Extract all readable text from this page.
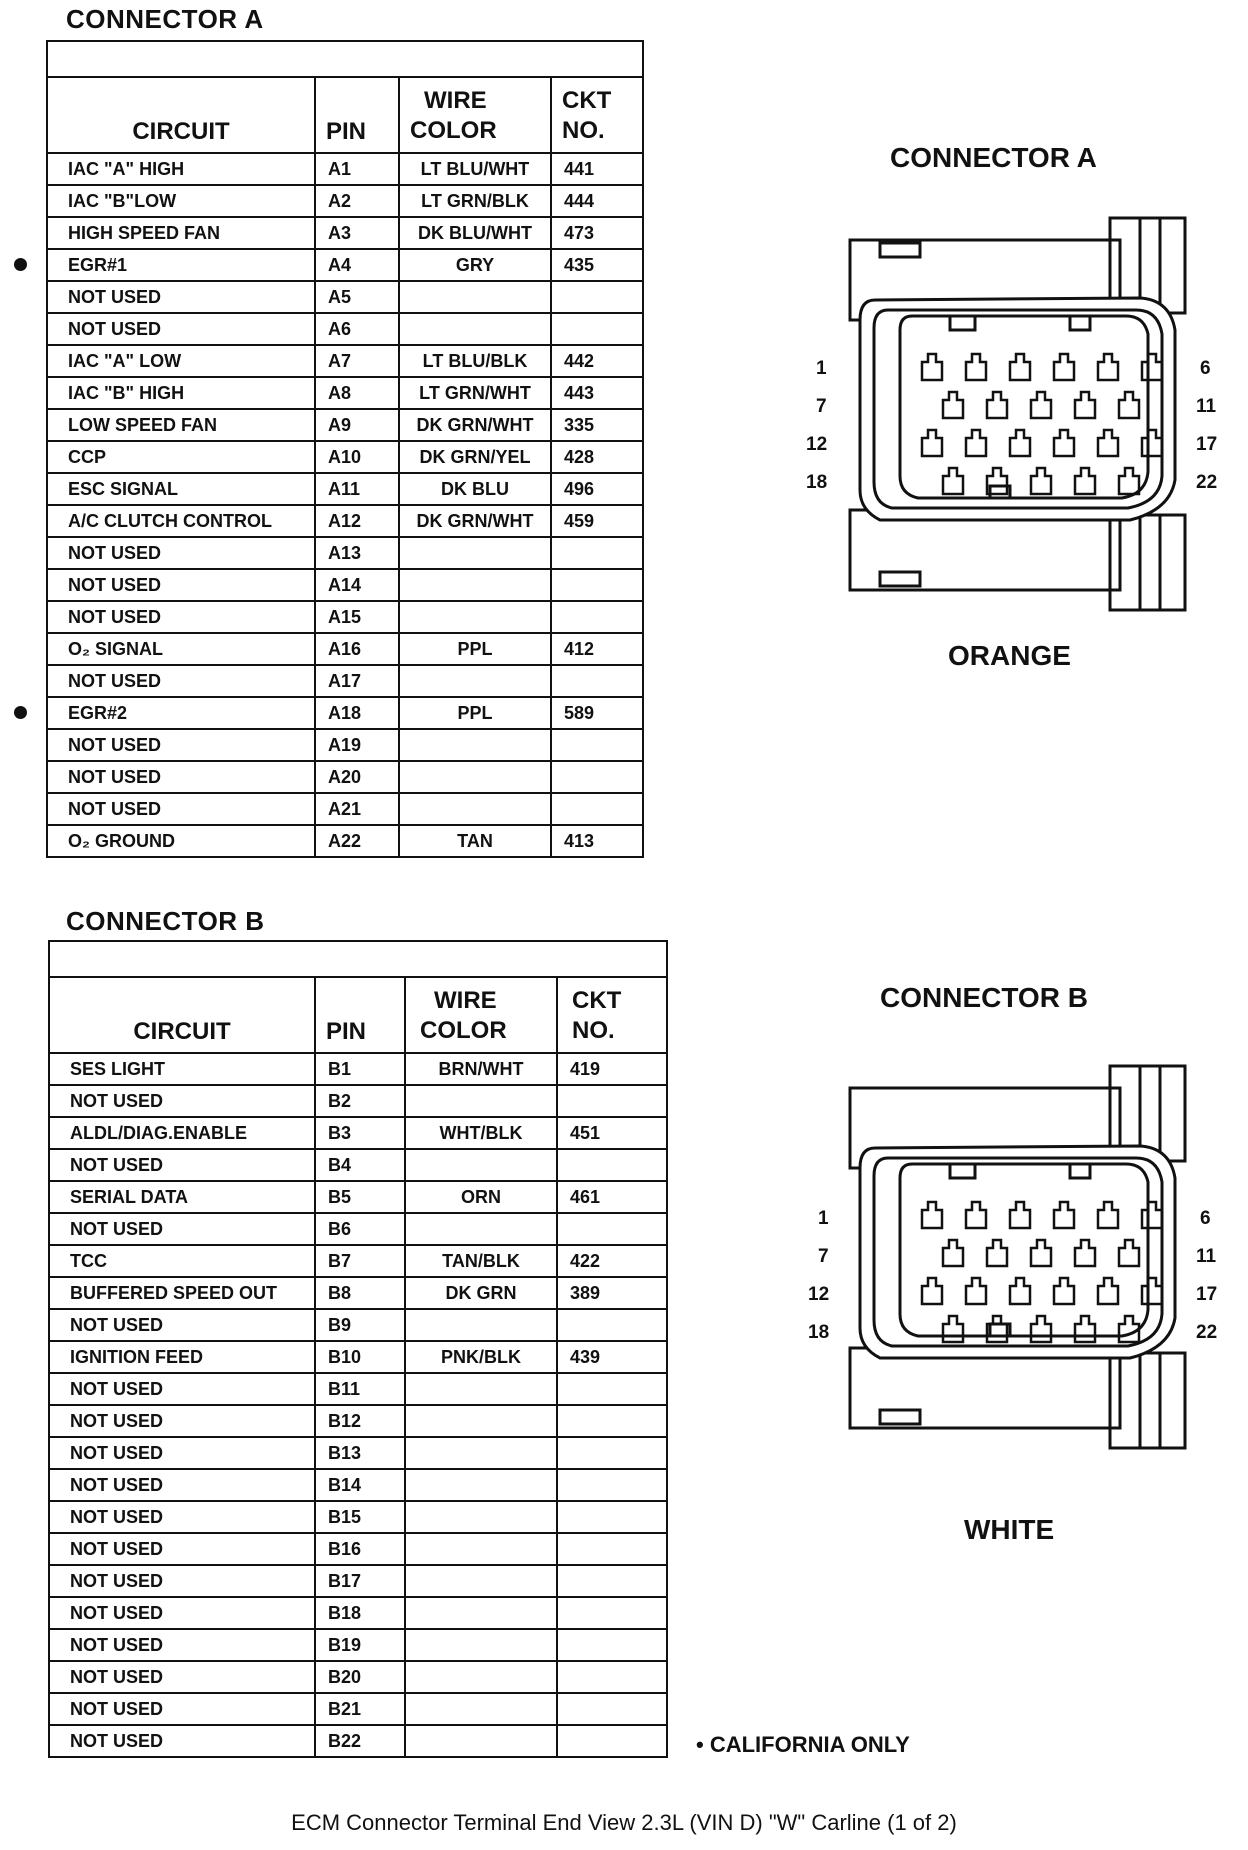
CONNECTOR A

CIRCUIT	PIN	WIRE
COLOR	CKT
NO.
IAC "A" HIGH	A1	LT BLU/WHT	441
IAC "B"LOW	A2	LT GRN/BLK	444
HIGH SPEED FAN	A3	DK BLU/WHT	473
EGR#1	A4	GRY	435
NOT USED	A5		
NOT USED	A6		
IAC "A" LOW	A7	LT BLU/BLK	442
IAC "B" HIGH	A8	LT GRN/WHT	443
LOW SPEED FAN	A9	DK GRN/WHT	335
CCP	A10	DK GRN/YEL	428
ESC SIGNAL	A11	DK BLU	496
A/C CLUTCH CONTROL	A12	DK GRN/WHT	459
NOT USED	A13		
NOT USED	A14		
NOT USED	A15		
O₂ SIGNAL	A16	PPL	412
NOT USED	A17		
EGR#2	A18	PPL	589
NOT USED	A19		
NOT USED	A20		
NOT USED	A21		
O₂ GROUND	A22	TAN	413
CONNECTOR B

CIRCUIT	PIN	WIRE
COLOR	CKT
NO.
SES LIGHT	B1	BRN/WHT	419
NOT USED	B2		
ALDL/DIAG.ENABLE	B3	WHT/BLK	451
NOT USED	B4		
SERIAL DATA	B5	ORN	461
NOT USED	B6		
TCC	B7	TAN/BLK	422
BUFFERED SPEED OUT	B8	DK GRN	389
NOT USED	B9		
IGNITION FEED	B10	PNK/BLK	439
NOT USED	B11		
NOT USED	B12		
NOT USED	B13		
NOT USED	B14		
NOT USED	B15		
NOT USED	B16		
NOT USED	B17		
NOT USED	B18		
NOT USED	B19		
NOT USED	B20		
NOT USED	B21		
NOT USED	B22		
CONNECTOR A
1
7
12
18
6
11
17
22
ORANGE
CONNECTOR B
1
7
12
18
6
11
17
22
WHITE
• CALIFORNIA ONLY
ECM Connector Terminal End View 2.3L (VIN D) "W" Carline (1 of 2)
